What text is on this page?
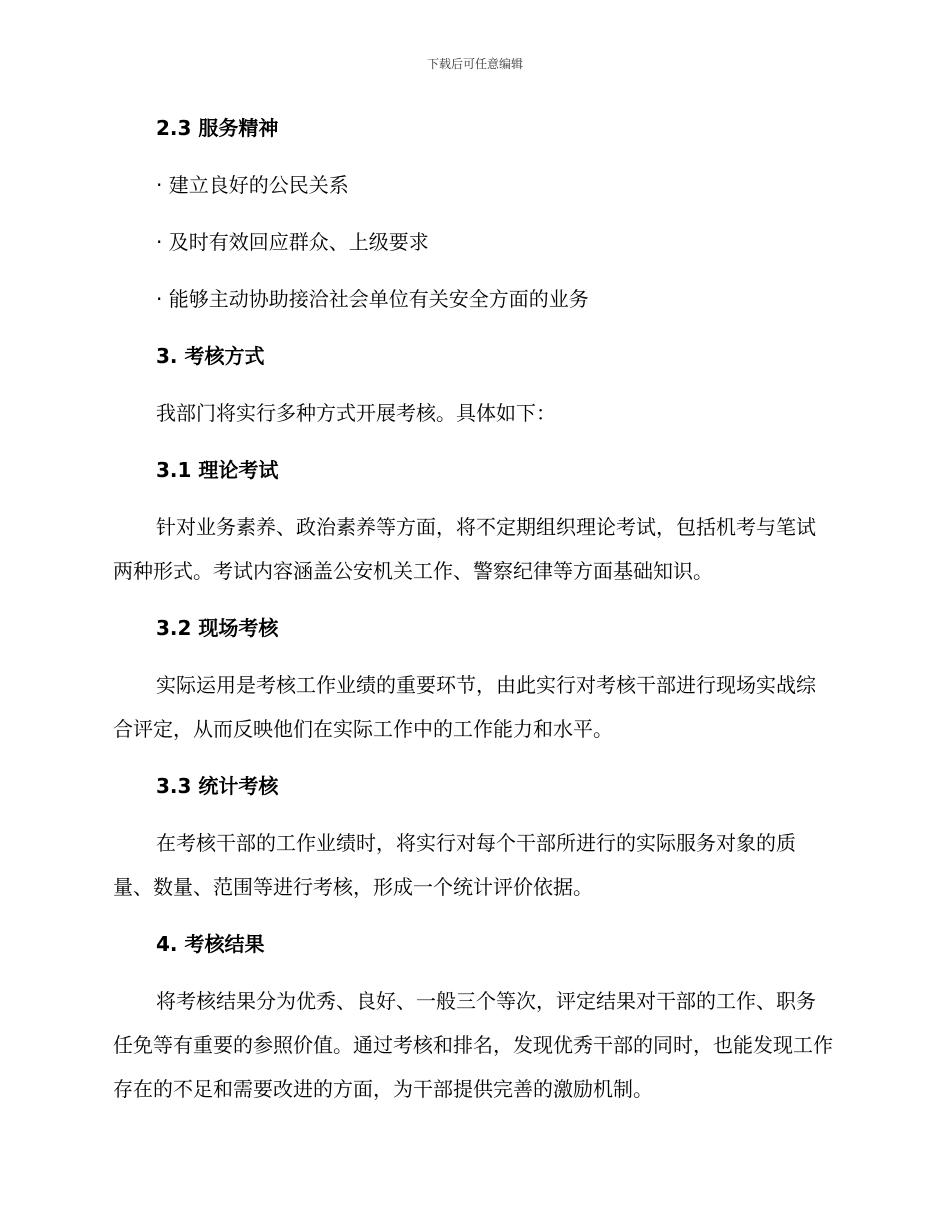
下载后可任意编辑
2.3 服务精神
· 建立良好的公民关系
· 及时有效回应群众、上级要求
· 能够主动协助接洽社会单位有关安全方面的业务
3. 考核方式
我部门将实行多种方式开展考核。具体如下：
3.1 理论考试
针对业务素养、政治素养等方面，将不定期组织理论考试，包括机考与笔试两种形式。考试内容涵盖公安机关工作、警察纪律等方面基础知识。
3.2 现场考核
实际运用是考核工作业绩的重要环节，由此实行对考核干部进行现场实战综合评定，从而反映他们在实际工作中的工作能力和水平。
3.3 统计考核
在考核干部的工作业绩时，将实行对每个干部所进行的实际服务对象的质量、数量、范围等进行考核，形成一个统计评价依据。
4. 考核结果
将考核结果分为优秀、良好、一般三个等次，评定结果对干部的工作、职务任免等有重要的参照价值。通过考核和排名，发现优秀干部的同时，也能发现工作存在的不足和需要改进的方面，为干部提供完善的激励机制。
